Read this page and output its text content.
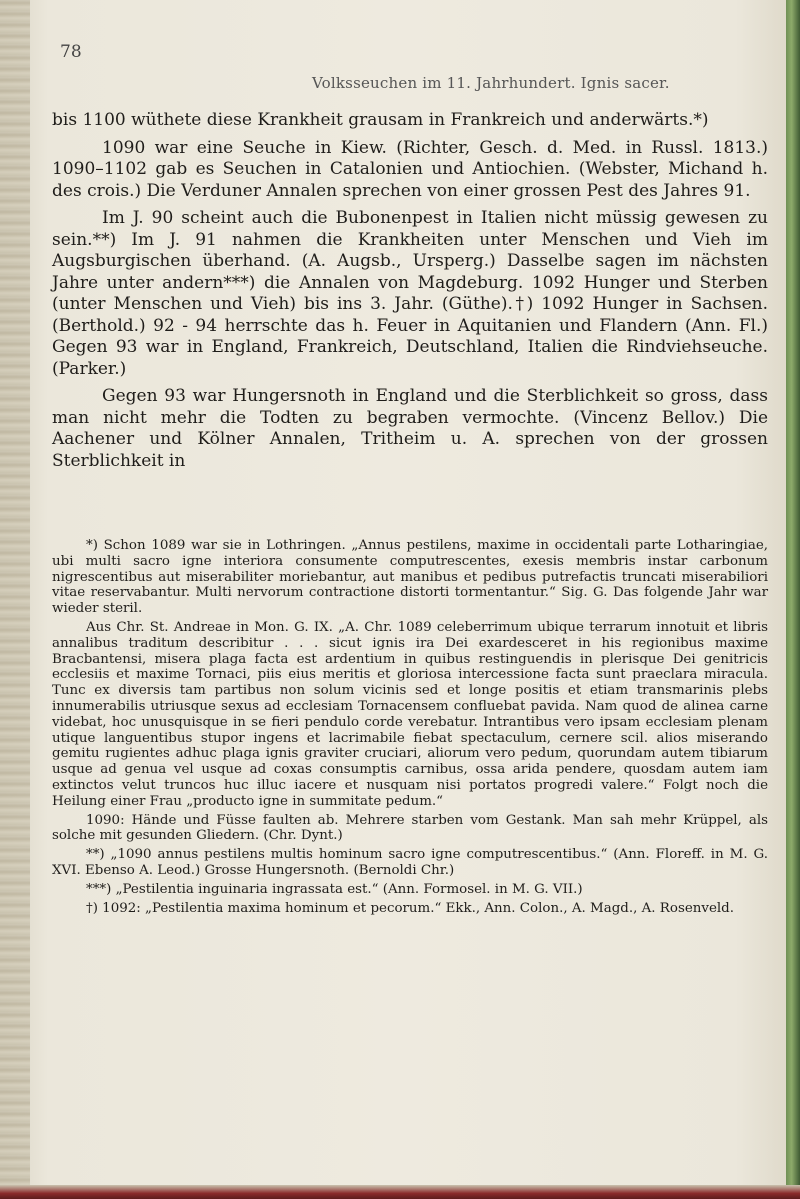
78
Volksseuchen im 11. Jahrhundert. Ignis sacer.

bis 1100 wüthete diese Krankheit grausam in Frankreich und anderwärts.*)

1090 war eine Seuche in Kiew. (Richter, Gesch. d. Med. in Russl. 1813.) 1090–1102 gab es Seuchen in Catalonien und Antiochien. (Webster, Michand h. des crois.) Die Verduner Annalen sprechen von einer grossen Pest des Jahres 91.

Im J. 90 scheint auch die Bubonenpest in Italien nicht müssig gewesen zu sein.**) Im J. 91 nahmen die Krankheiten unter Menschen und Vieh im Augsburgischen überhand. (A. Augsb., Ursperg.) Dasselbe sagen im nächsten Jahre unter andern***) die Annalen von Magdeburg. 1092 Hunger und Sterben (unter Menschen und Vieh) bis ins 3. Jahr. (Güthe).†) 1092 Hunger in Sachsen. (Berthold.) 92 - 94 herrschte das h. Feuer in Aquitanien und Flandern (Ann. Fl.) Gegen 93 war in England, Frankreich, Deutschland, Italien die Rindviehseuche. (Parker.)

Gegen 93 war Hungersnoth in England und die Sterblichkeit so gross, dass man nicht mehr die Todten zu begraben vermochte. (Vincenz Bellov.) Die Aachener und Kölner Annalen, Tritheim u. A. sprechen von der grossen Sterblichkeit in

*) Schon 1089 war sie in Lothringen. „Annus pestilens, maxime in occidentali parte Lotharingiae, ubi multi sacro igne interiora consumente computrescentes, exesis membris instar carbonum nigrescentibus aut miserabiliter moriebantur, aut manibus et pedibus putrefactis truncati miserabiliori vitae reservabantur. Multi nervorum contractione distorti tormentantur.“ Sig. G. Das folgende Jahr war wieder steril.

Aus Chr. St. Andreae in Mon. G. IX. „A. Chr. 1089 celeberrimum ubique terrarum innotuit et libris annalibus traditum describitur . . . sicut ignis ira Dei exardesceret in his regionibus maxime Bracbantensi, misera plaga facta est ardentium in quibus restinguendis in plerisque Dei genitricis ecclesiis et maxime Tornaci, piis eius meritis et gloriosa intercessione facta sunt praeclara miracula. Tunc ex diversis tam partibus non solum vicinis sed et longe positis et etiam transmarinis plebs innumerabilis utriusque sexus ad ecclesiam Tornacensem confluebat pavida. Nam quod de alinea carne videbat, hoc unusquisque in se fieri pendulo corde verebatur. Intrantibus vero ipsam ecclesiam plenam utique languentibus stupor ingens et lacrimabile fiebat spectaculum, cernere scil. alios miserando gemitu rugientes adhuc plaga ignis graviter cruciari, aliorum vero pedum, quorundam autem tibiarum usque ad genua vel usque ad coxas consumptis carnibus, ossa arida pendere, quosdam autem iam extinctos velut truncos huc illuc iacere et nusquam nisi portatos progredi valere.“ Folgt noch die Heilung einer Frau „producto igne in summitate pedum.“

1090: Hände und Füsse faulten ab. Mehrere starben vom Gestank. Man sah mehr Krüppel, als solche mit gesunden Gliedern. (Chr. Dynt.)

**) „1090 annus pestilens multis hominum sacro igne computrescentibus.“ (Ann. Floreff. in M. G. XVI. Ebenso A. Leod.) Grosse Hungersnoth. (Bernoldi Chr.)

***) „Pestilentia inguinaria ingrassata est.“ (Ann. Formosel. in M. G. VII.)

†) 1092: „Pestilentia maxima hominum et pecorum.“ Ekk., Ann. Colon., A. Magd., A. Rosenveld.
